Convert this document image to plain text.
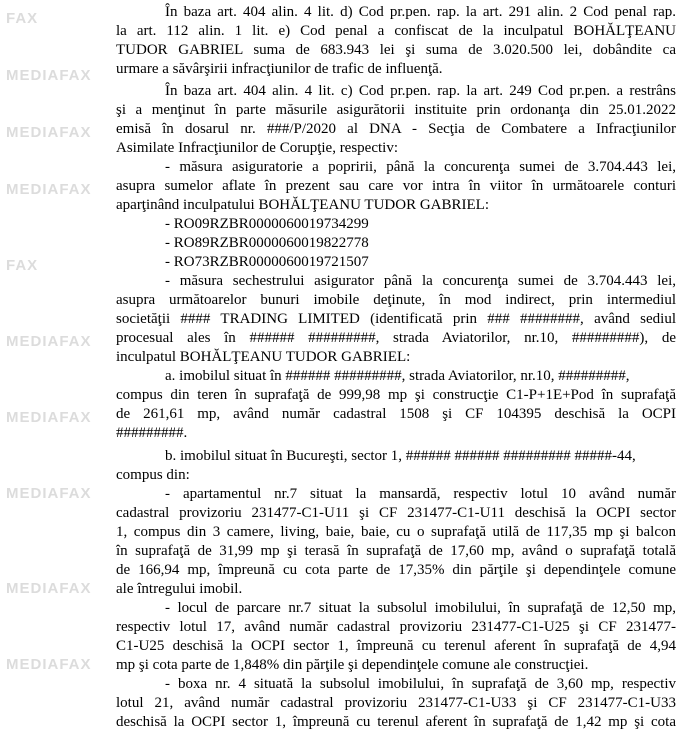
FAX
MEDIAFAX
MEDIAFAX
MEDIAFAX
FAX
MEDIAFAX
MEDIAFAX
MEDIAFAX
MEDIAFAX
MEDIAFAX
În baza art. 404 alin. 4 lit. d) Cod pr.pen. rap. la art. 291 alin. 2 Cod penal rap.
la art. 112 alin. 1 lit. e) Cod penal a confiscat de la inculpatul BOHĂLŢEANU
TUDOR GABRIEL suma de 683.943 lei şi suma de 3.020.500 lei, dobândite ca
urmare a săvârşirii infracţiunilor de trafic de influenţă.
În baza art. 404 alin. 4 lit. c) Cod pr.pen. rap. la art. 249 Cod pr.pen. a restrâns
şi a menţinut în parte măsurile asigurătorii instituite prin ordonanţa din 25.01.2022
emisă în dosarul nr. ###/P/2020 al DNA - Secţia de Combatere a Infracţiunilor
Asimilate Infracţiunilor de Corupţie, respectiv:
- măsura asiguratorie a popririi, până la concurenţa sumei de 3.704.443 lei,
asupra sumelor aflate în prezent sau care vor intra în viitor în următoarele conturi
aparţinând inculpatului BOHĂLŢEANU TUDOR GABRIEL:
- RO09RZBR0000060019734299
- RO89RZBR0000060019822778
- RO73RZBR0000060019721507
- măsura sechestrului asigurator până la concurenţa sumei de 3.704.443 lei,
asupra următoarelor bunuri imobile deţinute, în mod indirect, prin intermediul
societăţii #### TRADING LIMITED (identificată prin ### ########, având sediul
procesual ales în ###### #########, strada Aviatorilor, nr.10, #########), de
inculpatul BOHĂLŢEANU TUDOR GABRIEL:
a. imobilul situat în ###### #########, strada Aviatorilor, nr.10, #########,
compus din teren în suprafaţă de 999,98 mp şi construcţie C1-P+1E+Pod în suprafaţă
de 261,61 mp, având număr cadastral 1508 şi CF 104395 deschisă la OCPI
#########.
b. imobilul situat în Bucureşti, sector 1, ###### ###### ######### #####-44,
compus din:
- apartamentul nr.7 situat la mansardă, respectiv lotul 10 având număr
cadastral provizoriu 231477-C1-U11 şi CF 231477-C1-U11 deschisă la OCPI sector
1, compus din 3 camere, living, baie, baie, cu o suprafaţă utilă de 117,35 mp şi balcon
în suprafaţă de 31,99 mp şi terasă în suprafaţă de 17,60 mp, având o suprafaţă totală
de 166,94 mp, împreună cu cota parte de 17,35% din părţile şi dependinţele comune
ale întregului imobil.
- locul de parcare nr.7 situat la subsolul imobilului, în suprafaţă de 12,50 mp,
respectiv lotul 17, având număr cadastral provizoriu 231477-C1-U25 şi CF 231477-
C1-U25 deschisă la OCPI sector 1, împreună cu terenul aferent în suprafaţă de 4,94
mp şi cota parte de 1,848% din părţile şi dependinţele comune ale construcţiei.
- boxa nr. 4 situată la subsolul imobilului, în suprafaţă de 3,60 mp, respectiv
lotul 21, având număr cadastral provizoriu 231477-C1-U33 şi CF 231477-C1-U33
deschisă la OCPI sector 1, împreună cu terenul aferent în suprafaţă de 1,42 mp şi cota
